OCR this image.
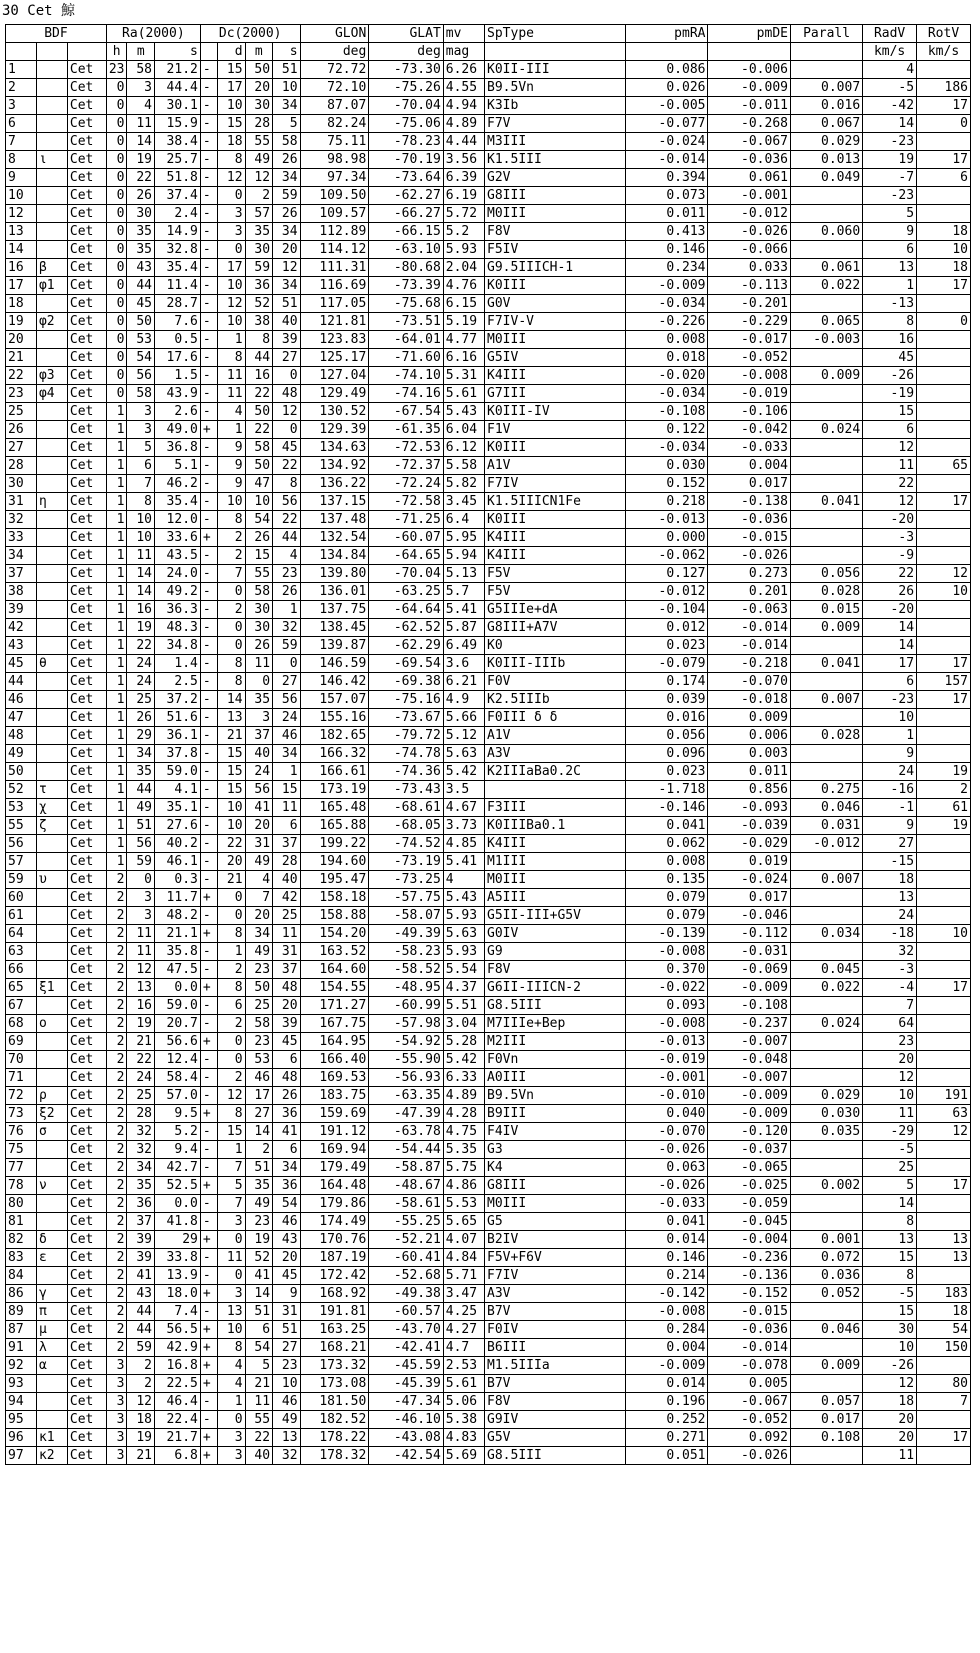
30 Cet 鯨
BDF			Ra(2000)			Dc(2000)				GLON	GLAT	mv	SpType	pmRA	pmDE	Parall	RadV	RotV
			h	m	s		d	m	s	deg	deg	mag					km/s	km/s
1		Cet	23	58	21.2	-	15	50	51	72.72	-73.30	6.26	K0II-III	0.086	-0.006		4	
2		Cet	0	3	44.4	-	17	20	10	72.10	-75.26	4.55	B9.5Vn	0.026	-0.009	0.007	-5	186
3		Cet	0	4	30.1	-	10	30	34	87.07	-70.04	4.94	K3Ib	-0.005	-0.011	0.016	-42	17
6		Cet	0	11	15.9	-	15	28	5	82.24	-75.06	4.89	F7V	-0.077	-0.268	0.067	14	0
7		Cet	0	14	38.4	-	18	55	58	75.11	-78.23	4.44	M3III	-0.024	-0.067	0.029	-23	
8	ι	Cet	0	19	25.7	-	8	49	26	98.98	-70.19	3.56	K1.5III	-0.014	-0.036	0.013	19	17
9		Cet	0	22	51.8	-	12	12	34	97.34	-73.64	6.39	G2V	0.394	0.061	0.049	-7	6
10		Cet	0	26	37.4	-	0	2	59	109.50	-62.27	6.19	G8III	0.073	-0.001		-23	
12		Cet	0	30	2.4	-	3	57	26	109.57	-66.27	5.72	M0III	0.011	-0.012		5	
13		Cet	0	35	14.9	-	3	35	34	112.89	-66.15	5.2	F8V	0.413	-0.026	0.060	9	18
14		Cet	0	35	32.8	-	0	30	20	114.12	-63.10	5.93	F5IV	0.146	-0.066		6	10
16	β	Cet	0	43	35.4	-	17	59	12	111.31	-80.68	2.04	G9.5IIICH-1	0.234	0.033	0.061	13	18
17	φ1	Cet	0	44	11.4	-	10	36	34	116.69	-73.39	4.76	K0III	-0.009	-0.113	0.022	1	17
18		Cet	0	45	28.7	-	12	52	51	117.05	-75.68	6.15	G0V	-0.034	-0.201		-13	
19	φ2	Cet	0	50	7.6	-	10	38	40	121.81	-73.51	5.19	F7IV-V	-0.226	-0.229	0.065	8	0
20		Cet	0	53	0.5	-	1	8	39	123.83	-64.01	4.77	M0III	0.008	-0.017	-0.003	16	
21		Cet	0	54	17.6	-	8	44	27	125.17	-71.60	6.16	G5IV	0.018	-0.052		45	
22	φ3	Cet	0	56	1.5	-	11	16	0	127.04	-74.10	5.31	K4III	-0.020	-0.008	0.009	-26	
23	φ4	Cet	0	58	43.9	-	11	22	48	129.49	-74.16	5.61	G7III	-0.034	-0.019		-19	
25		Cet	1	3	2.6	-	4	50	12	130.52	-67.54	5.43	K0III-IV	-0.108	-0.106		15	
26		Cet	1	3	49.0	+	1	22	0	129.39	-61.35	6.04	F1V	0.122	-0.042	0.024	6	
27		Cet	1	5	36.8	-	9	58	45	134.63	-72.53	6.12	K0III	-0.034	-0.033		12	
28		Cet	1	6	5.1	-	9	50	22	134.92	-72.37	5.58	A1V	0.030	0.004		11	65
30		Cet	1	7	46.2	-	9	47	8	136.22	-72.24	5.82	F7IV	0.152	0.017		22	
31	η	Cet	1	8	35.4	-	10	10	56	137.15	-72.58	3.45	K1.5IIICN1Fe	0.218	-0.138	0.041	12	17
32		Cet	1	10	12.0	-	8	54	22	137.48	-71.25	6.4	K0III	-0.013	-0.036		-20	
33		Cet	1	10	33.6	+	2	26	44	132.54	-60.07	5.95	K4III	0.000	-0.015		-3	
34		Cet	1	11	43.5	-	2	15	4	134.84	-64.65	5.94	K4III	-0.062	-0.026		-9	
37		Cet	1	14	24.0	-	7	55	23	139.80	-70.04	5.13	F5V	0.127	0.273	0.056	22	12
38		Cet	1	14	49.2	-	0	58	26	136.01	-63.25	5.7	F5V	-0.012	0.201	0.028	26	10
39		Cet	1	16	36.3	-	2	30	1	137.75	-64.64	5.41	G5IIIe+dA	-0.104	-0.063	0.015	-20	
42		Cet	1	19	48.3	-	0	30	32	138.45	-62.52	5.87	G8III+A7V	0.012	-0.014	0.009	14	
43		Cet	1	22	34.8	-	0	26	59	139.87	-62.29	6.49	K0	0.023	-0.014		14	
45	θ	Cet	1	24	1.4	-	8	11	0	146.59	-69.54	3.6	K0III-IIIb	-0.079	-0.218	0.041	17	17
44		Cet	1	24	2.5	-	8	0	27	146.42	-69.38	6.21	F0V	0.174	-0.070		6	157
46		Cet	1	25	37.2	-	14	35	56	157.07	-75.16	4.9	K2.5IIIb	0.039	-0.018	0.007	-23	17
47		Cet	1	26	51.6	-	13	3	24	155.16	-73.67	5.66	F0III δ δ	0.016	0.009		10	
48		Cet	1	29	36.1	-	21	37	46	182.65	-79.72	5.12	A1V	0.056	0.006	0.028	1	
49		Cet	1	34	37.8	-	15	40	34	166.32	-74.78	5.63	A3V	0.096	0.003		9	
50		Cet	1	35	59.0	-	15	24	1	166.61	-74.36	5.42	K2IIIaBa0.2C	0.023	0.011		24	19
52	τ	Cet	1	44	4.1	-	15	56	15	173.19	-73.43	3.5		-1.718	0.856	0.275	-16	2
53	χ	Cet	1	49	35.1	-	10	41	11	165.48	-68.61	4.67	F3III	-0.146	-0.093	0.046	-1	61
55	ζ	Cet	1	51	27.6	-	10	20	6	165.88	-68.05	3.73	K0IIIBa0.1	0.041	-0.039	0.031	9	19
56		Cet	1	56	40.2	-	22	31	37	199.22	-74.52	4.85	K4III	0.062	-0.029	-0.012	27	
57		Cet	1	59	46.1	-	20	49	28	194.60	-73.19	5.41	M1III	0.008	0.019		-15	
59	υ	Cet	2	0	0.3	-	21	4	40	195.47	-73.25	4	M0III	0.135	-0.024	0.007	18	
60		Cet	2	3	11.7	+	0	7	42	158.18	-57.75	5.43	A5III	0.079	0.017		13	
61		Cet	2	3	48.2	-	0	20	25	158.88	-58.07	5.93	G5II-III+G5V	0.079	-0.046		24	
64		Cet	2	11	21.1	+	8	34	11	154.20	-49.39	5.63	G0IV	-0.139	-0.112	0.034	-18	10
63		Cet	2	11	35.8	-	1	49	31	163.52	-58.23	5.93	G9	-0.008	-0.031		32	
66		Cet	2	12	47.5	-	2	23	37	164.60	-58.52	5.54	F8V	0.370	-0.069	0.045	-3	
65	ξ1	Cet	2	13	0.0	+	8	50	48	154.55	-48.95	4.37	G6II-IIICN-2	-0.022	-0.009	0.022	-4	17
67		Cet	2	16	59.0	-	6	25	20	171.27	-60.99	5.51	G8.5III	0.093	-0.108		7	
68	ο	Cet	2	19	20.7	-	2	58	39	167.75	-57.98	3.04	M7IIIe+Bep	-0.008	-0.237	0.024	64	
69		Cet	2	21	56.6	+	0	23	45	164.95	-54.92	5.28	M2III	-0.013	-0.007		23	
70		Cet	2	22	12.4	-	0	53	6	166.40	-55.90	5.42	F0Vn	-0.019	-0.048		20	
71		Cet	2	24	58.4	-	2	46	48	169.53	-56.93	6.33	A0III	-0.001	-0.007		12	
72	ρ	Cet	2	25	57.0	-	12	17	26	183.75	-63.35	4.89	B9.5Vn	-0.010	-0.009	0.029	10	191
73	ξ2	Cet	2	28	9.5	+	8	27	36	159.69	-47.39	4.28	B9III	0.040	-0.009	0.030	11	63
76	σ	Cet	2	32	5.2	-	15	14	41	191.12	-63.78	4.75	F4IV	-0.070	-0.120	0.035	-29	12
75		Cet	2	32	9.4	-	1	2	6	169.94	-54.44	5.35	G3	-0.026	-0.037		-5	
77		Cet	2	34	42.7	-	7	51	34	179.49	-58.87	5.75	K4	0.063	-0.065		25	
78	ν	Cet	2	35	52.5	+	5	35	36	164.48	-48.67	4.86	G8III	-0.026	-0.025	0.002	5	17
80		Cet	2	36	0.0	-	7	49	54	179.86	-58.61	5.53	M0III	-0.033	-0.059		14	
81		Cet	2	37	41.8	-	3	23	46	174.49	-55.25	5.65	G5	0.041	-0.045		8	
82	δ	Cet	2	39	29	+	0	19	43	170.76	-52.21	4.07	B2IV	0.014	-0.004	0.001	13	13
83	ε	Cet	2	39	33.8	-	11	52	20	187.19	-60.41	4.84	F5V+F6V	0.146	-0.236	0.072	15	13
84		Cet	2	41	13.9	-	0	41	45	172.42	-52.68	5.71	F7IV	0.214	-0.136	0.036	8	
86	γ	Cet	2	43	18.0	+	3	14	9	168.92	-49.38	3.47	A3V	-0.142	-0.152	0.052	-5	183
89	π	Cet	2	44	7.4	-	13	51	31	191.81	-60.57	4.25	B7V	-0.008	-0.015		15	18
87	μ	Cet	2	44	56.5	+	10	6	51	163.25	-43.70	4.27	F0IV	0.284	-0.036	0.046	30	54
91	λ	Cet	2	59	42.9	+	8	54	27	168.21	-42.41	4.7	B6III	0.004	-0.014		10	150
92	α	Cet	3	2	16.8	+	4	5	23	173.32	-45.59	2.53	M1.5IIIa	-0.009	-0.078	0.009	-26	
93		Cet	3	2	22.5	+	4	21	10	173.08	-45.39	5.61	B7V	0.014	0.005		12	80
94		Cet	3	12	46.4	-	1	11	46	181.50	-47.34	5.06	F8V	0.196	-0.067	0.057	18	7
95		Cet	3	18	22.4	-	0	55	49	182.52	-46.10	5.38	G9IV	0.252	-0.052	0.017	20	
96	κ1	Cet	3	19	21.7	+	3	22	13	178.22	-43.08	4.83	G5V	0.271	0.092	0.108	20	17
97	κ2	Cet	3	21	6.8	+	3	40	32	178.32	-42.54	5.69	G8.5III	0.051	-0.026		11	
